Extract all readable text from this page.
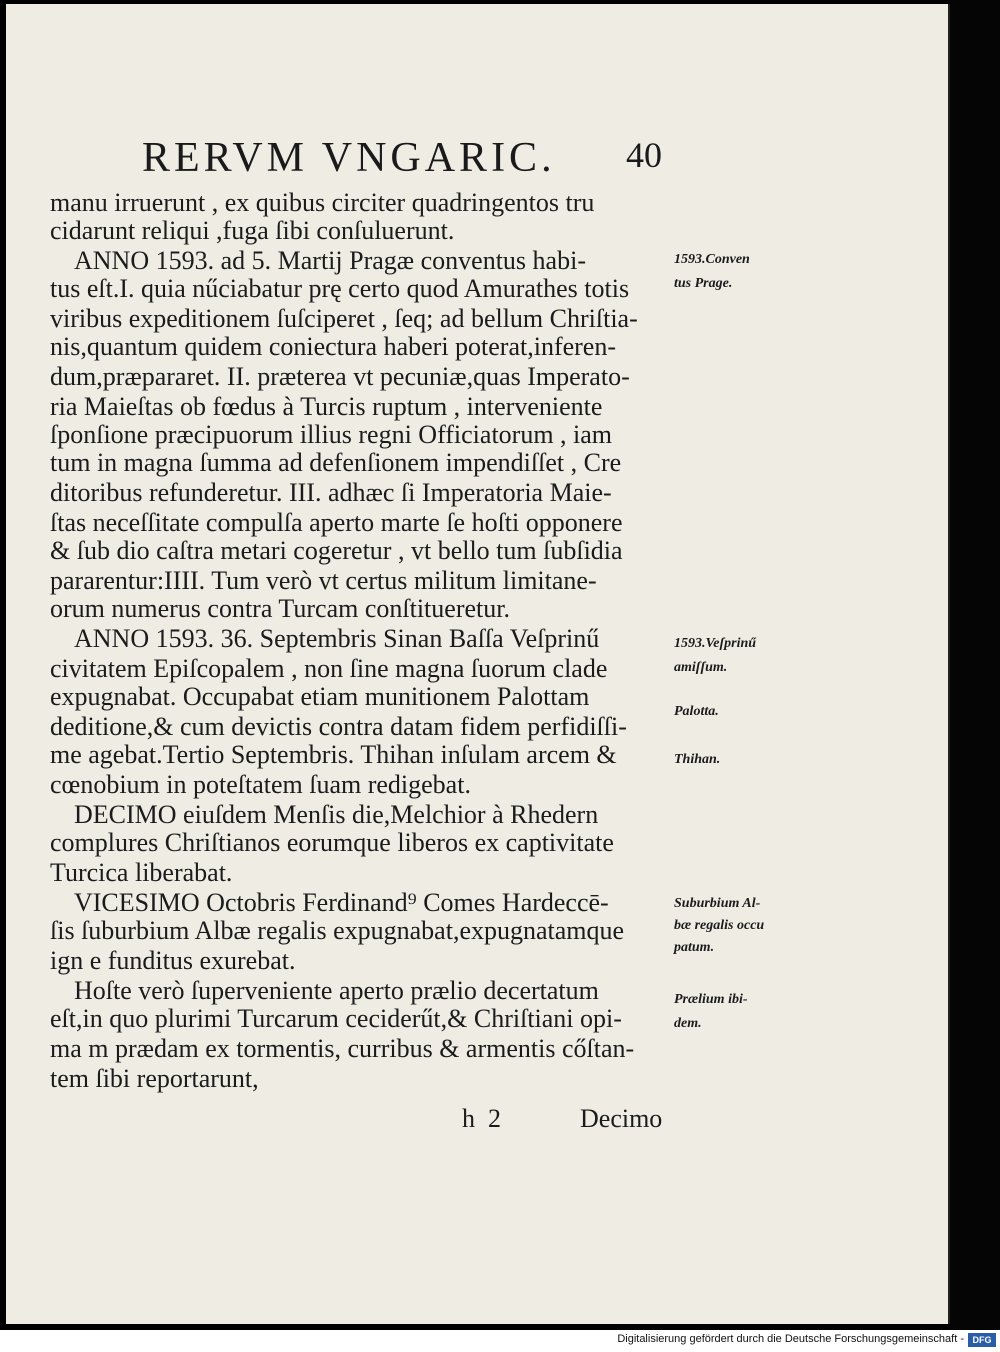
RERVM VNGARIC. 40
manu irruerunt , ex quibus circiter quadringentos tru
cidarunt reliqui ,fuga ſibi conſuluerunt.
ANNO 1593. ad 5. Martij Pragæ conventus habi-
tus eſt.I. quia nűciabatur prę certo quod Amurathes totis
viribus expeditionem ſuſciperet , ſeq; ad bellum Chriſtia-
nis,quantum quidem coniectura haberi poterat,inferen-
dum,præpararet. II. præterea vt pecuniæ,quas Imperato-
ria Maieſtas ob fœdus à Turcis ruptum , interveniente
ſponſione præcipuorum illius regni Officiatorum , iam
tum in magna ſumma ad defenſionem impendiſſet , Cre
ditoribus refunderetur. III. adhæc ſi Imperatoria Maie-
ſtas neceſſitate compulſa aperto marte ſe hoſti opponere
& ſub dio caſtra metari cogeretur , vt bello tum ſubſidia
pararentur:IIII. Tum verò vt certus militum limitane-
orum numerus contra Turcam conſtitueretur.
ANNO 1593. 36. Septembris Sinan Baſſa Veſprinű
civitatem Epiſcopalem , non ſine magna ſuorum clade
expugnabat. Occupabat etiam munitionem Palottam
deditione,& cum devictis contra datam fidem perfidiſſi-
me agebat.Tertio Septembris. Thihan inſulam arcem &
cœnobium in poteſtatem ſuam redigebat.
DECIMO eiuſdem Menſis die,Melchior à Rhedern
complures Chriſtianos eorumque liberos ex captivitate
Turcica liberabat.
VICESIMO Octobris Ferdinand⁹ Comes Hardeccē-
ſis ſuburbium Albæ regalis expugnabat,expugnatamque
ign e funditus exurebat.
Hoſte verò ſuperveniente aperto prælio decertatum
eſt,in quo plurimi Turcarum ceciderűt,& Chriſtiani opi-
ma m prædam ex tormentis, curribus & armentis cőſtan-
tem ſibi reportarunt,
1593.Conven
tus Prage.
1593.Veſprinű
amiſſum.
Palotta.
Thihan.
Suburbium Al-
bæ regalis occu
patum.
Prælium ibi-
dem.
h  2	Decimo
Digitalisierung gefördert durch die Deutsche Forschungsgemeinschaft - DFG
